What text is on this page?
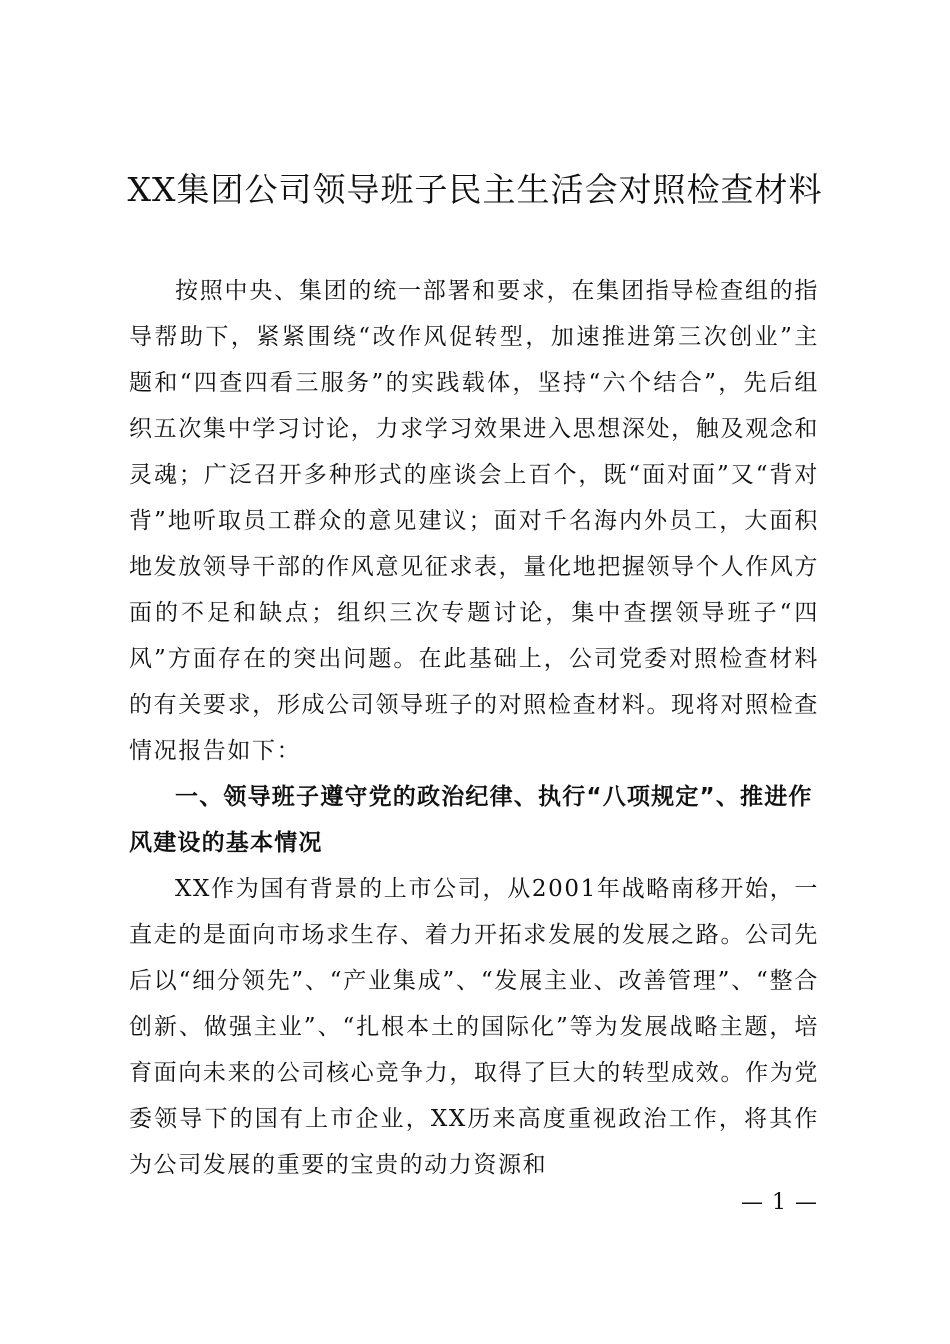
XX集团公司领导班子民主生活会对照检查材料

按照中央、集团的统一部署和要求，在集团指导检查组的指导帮助下，紧紧围绕“改作风促转型，加速推进第三次创业”主题和“四查四看三服务”的实践载体，坚持“六个结合”，先后组织五次集中学习讨论，力求学习效果进入思想深处，触及观念和灵魂；广泛召开多种形式的座谈会上百个，既“面对面”又“背对背”地听取员工群众的意见建议；面对千名海内外员工，大面积地发放领导干部的作风意见征求表，量化地把握领导个人作风方面的不足和缺点；组织三次专题讨论，集中查摆领导班子“四风”方面存在的突出问题。在此基础上，公司党委对照检查材料的有关要求，形成公司领导班子的对照检查材料。现将对照检查情况报告如下：

一、领导班子遵守党的政治纪律、执行“八项规定”、推进作风建设的基本情况

XX作为国有背景的上市公司，从2001年战略南移开始，一直走的是面向市场求生存、着力开拓求发展的发展之路。公司先后以“细分领先”、“产业集成”、“发展主业、改善管理”、“整合创新、做强主业”、“扎根本土的国际化”等为发展战略主题，培育面向未来的公司核心竞争力，取得了巨大的转型成效。作为党委领导下的国有上市企业，XX历来高度重视政治工作，将其作为公司发展的重要的宝贵的动力资源和

— 1 —
